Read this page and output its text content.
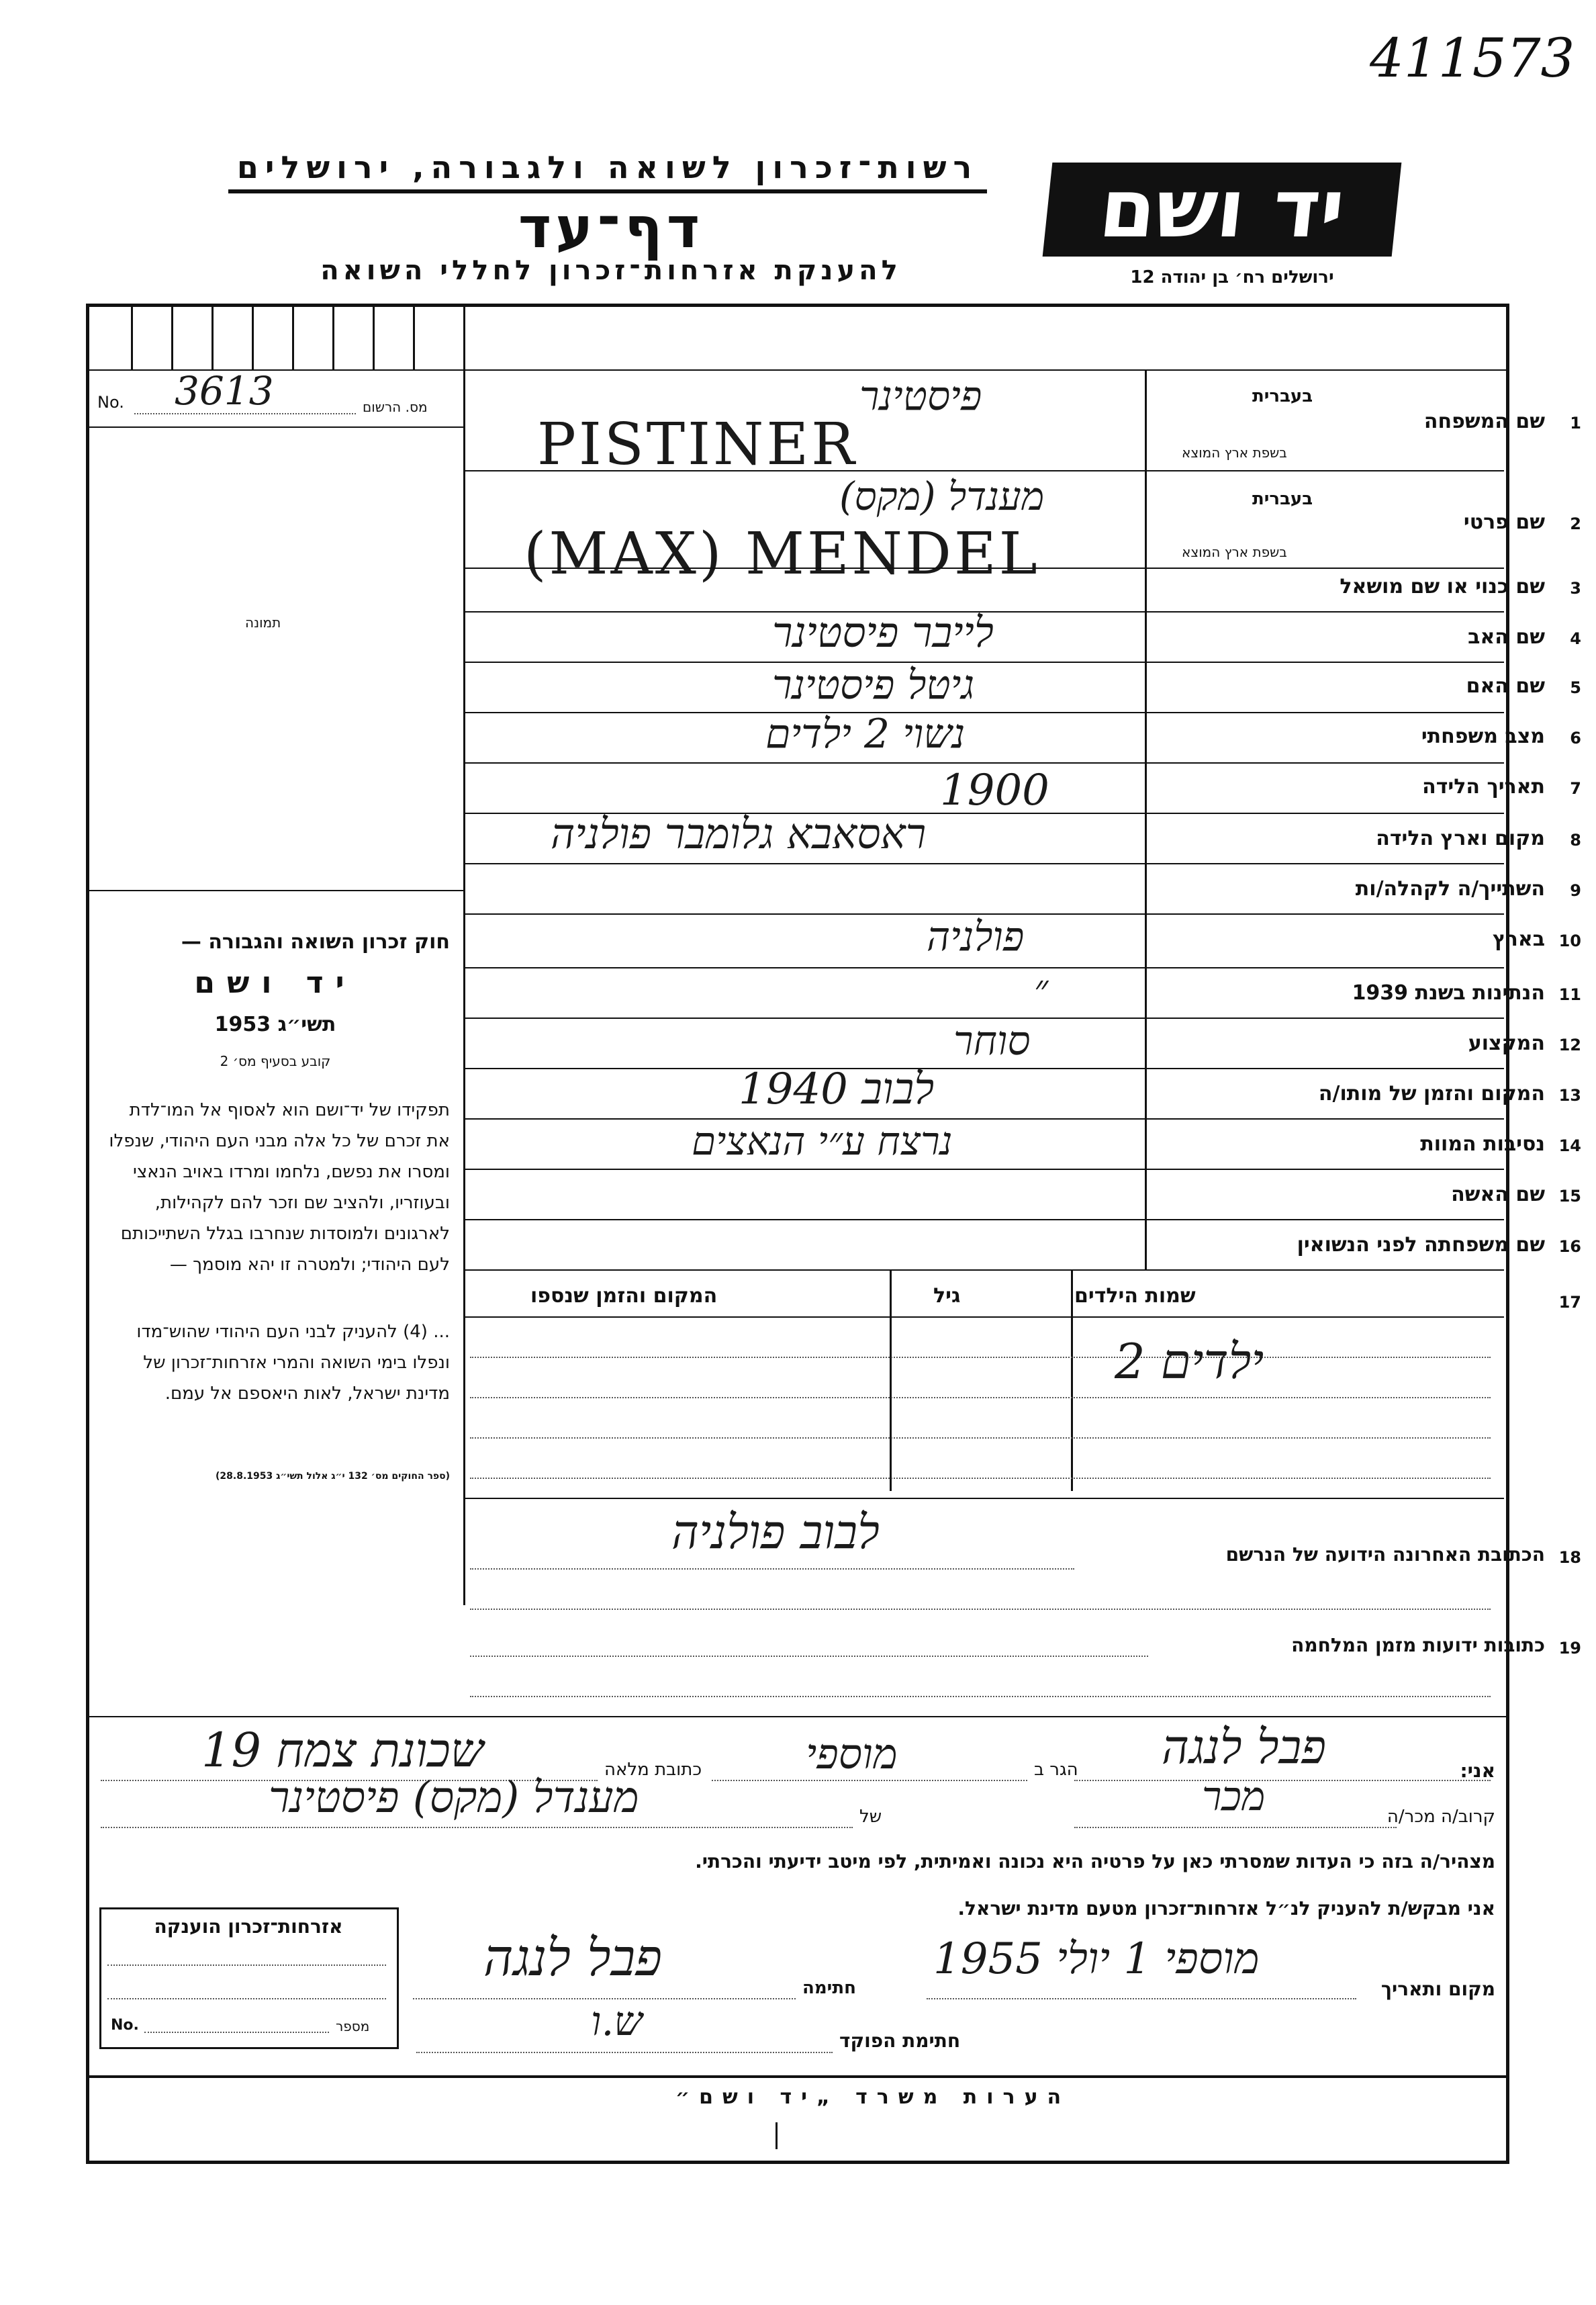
411573
רשות־זכרון לשואה ולגבורה, ירושלים
דף־עד
להענקת אזרחות־זכרון לחללי השואה
יד ושם
ירושלים רח׳ בן יהודה 12
No. 3613	מס. הרשום
תמונה
חוק זכרון השואה והגבורה —
יד ושם
תשי״ג 1953
קובע בסעיף מס׳ 2
תפקידו של יד־ושם הוא לאסוף אל המו־לדת את זכרם של כל אלה מבני העם היהודי, שנפלו ומסרו את נפשם, נלחמו ומרדו באויב הנאצי ובעוזריו, ולהציב שם וזכר להם לקהילות, לארגונים ולמוסדות שנחרבו בגלל השתייכותם לעם היהודי; ולמטרה זו יהא מוסמך —
... (4) להעניק לבני העם היהודי שהוש־מדו ונפלו בימי השואה והמרי אזרחות־זכרון של מדינת ישראל, לאות היאספם אל עמם.
(ספר החוקים מס׳ 132 י״ג אלול תשי״ג 28.8.1953)
1
שם המשפחה
בעברית
בשפת ארץ המוצא
פיסטינר
PISTINER
2
שם פרטי
בעברית
בשפת ארץ המוצא
מענדל (מקס)
(MAX) MENDEL
3
שם כנוי או שם מושאל
4
שם האב
לייבר פיסטינר
5
שם האם
גיטל פיסטינר
6
מצב משפחתי
נשוי 2 ילדים
7
תאריך הלידה
1900
8
מקום וארץ הלידה
ראסאבא גלומבר פולניה
9
השתייך/ה לקהלה/ות
10
בארץ
פולניה
11
הנתינות בשנת 1939
״
12
המקצוע
סוחר
13
המקום והזמן של מותו/ה
לבוב 1940
14
נסיבות המוות
נרצח ע״י הנאצים
15
שם האשה
16
שם משפחתה לפני הנשואין
17
שמות הילדים
גיל
המקום והזמן שנספו
ילדים 2
18
הכתובת האחרונה הידועה של הנרשם
לבוב פולניה
19
כתובות ידועות מזמן המלחמה
אני:
פבל לנגה
הגר ב
מוספי
כתובת מלאה
שכונת צמח 19
קרוב/ה מכר/ה
מכר
של
מענדל (מקס) פיסטינר
מצהיר/ה בזה כי העדות שמסרתי כאן על פרטיה היא נכונה ואמיתית, לפי מיטב ידיעתי והכרתי.
אני מבקש/ת להעניק לנ״ל אזרחות־זכרון מטעם מדינת ישראל.
אזרחות־זכרון הוענקה
No.	מספר
מקום ותאריך
מוספי 1 יולי 1955
חתימה
פבל לנגה
חתימת הפוקד
ש.ו
הערות משרד „יד ושם״
